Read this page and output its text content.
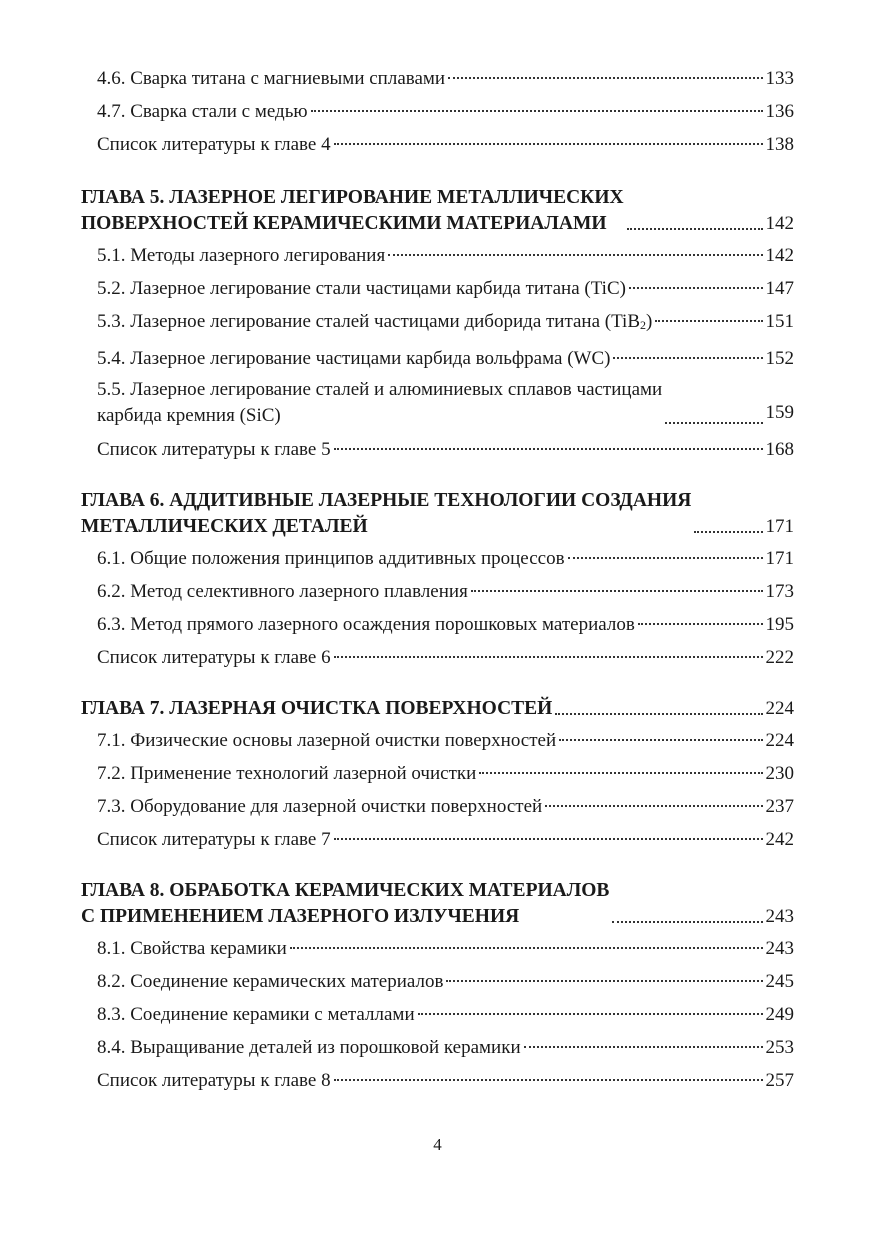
4.6. Сварка титана с магниевыми сплавами	133
4.7. Сварка стали с медью	136
Список литературы к главе 4	138
ГЛАВА 5. ЛАЗЕРНОЕ ЛЕГИРОВАНИЕ МЕТАЛЛИЧЕСКИХ
ПОВЕРХНОСТЕЙ КЕРАМИЧЕСКИМИ МАТЕРИАЛАМИ	142
5.1. Методы лазерного легирования	142
5.2. Лазерное легирование стали частицами карбида титана (TiC)	147
5.3. Лазерное легирование сталей частицами диборида титана (TiB$_2$)	151
5.4. Лазерное легирование частицами карбида вольфрама (WC)	152
5.5. Лазерное легирование сталей и алюминиевых сплавов частицами
карбида кремния (SiC)	159
Список литературы к главе 5	168
ГЛАВА 6. АДДИТИВНЫЕ ЛАЗЕРНЫЕ ТЕХНОЛОГИИ СОЗДАНИЯ
МЕТАЛЛИЧЕСКИХ ДЕТАЛЕЙ	171
6.1. Общие положения принципов аддитивных процессов	171
6.2. Метод селективного лазерного плавления	173
6.3. Метод прямого лазерного осаждения порошковых материалов	195
Список литературы к главе 6	222
ГЛАВА 7. ЛАЗЕРНАЯ ОЧИСТКА ПОВЕРХНОСТЕЙ	224
7.1. Физические основы лазерной очистки поверхностей	224
7.2. Применение технологий лазерной очистки	230
7.3. Оборудование для лазерной очистки поверхностей	237
Список литературы к главе 7	242
ГЛАВА 8. ОБРАБОТКА КЕРАМИЧЕСКИХ МАТЕРИАЛОВ
С ПРИМЕНЕНИЕМ ЛАЗЕРНОГО ИЗЛУЧЕНИЯ	243
8.1. Свойства керамики	243
8.2. Соединение керамических материалов	245
8.3. Соединение керамики с металлами	249
8.4. Выращивание деталей из порошковой керамики	253
Список литературы к главе 8	257
4
